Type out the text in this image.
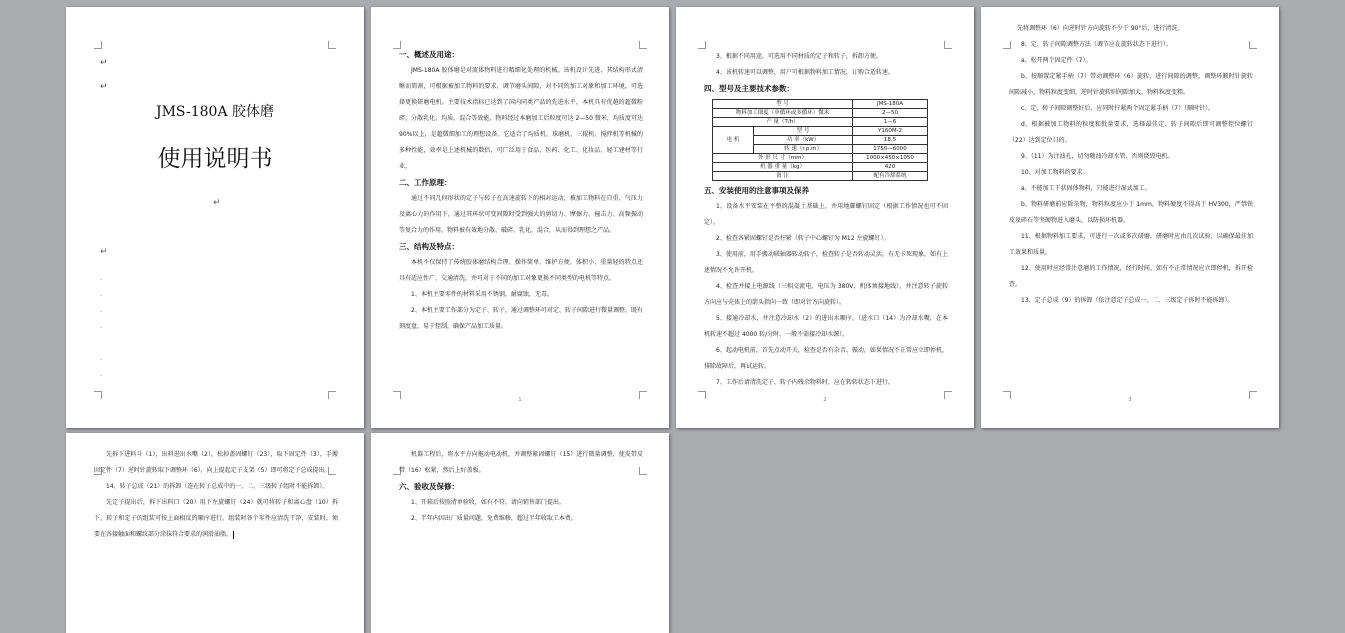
↵
↵
JMS-180A 胶体磨
使用说明书
↵
↵
.
.
.
.
.
.
一、概述及用途：
JMS-180A 胶体磨是对流体物料进行精细化处理的机械。该机设计先进，其结构形式清晰而简割，可根据被加工物料的要求，调节磨头间隙，对不同的加工对象和加工环境，可选择更换研磨电机。主要技术指标已达到了国内同类产品的先进水平，本机具有优越的超微粉碎、分散乳化、均质、混合等效能，物料经过本磨加工后粒度可达 2—50 微米，均质度可达 90%以上，是超微细加工的理想设备。它适合了均质机、球磨机、三辊机、搅拌机等机械的多种性能，效率是上述机械的数倍，可广泛用于食品、医药、化工、化妆品、轻工建材等行业。
二、工作原理：
通过不同几何形状的定子与转子在高速旋转下的相对运动，被加工物料在自重、气压力及离心力的作用下，通过其环状可变间隙时受到强大的剪切力、摩擦力、撞击力、高频振动等复合力的作用，物料被有效地分散、破碎、乳化、混合，从而得到理想之产品。
三、结构及特点：
本机不仅保持了传统胶体磨结构合理、操作简单、维护方便、体积小、重量轻的特点还具有适应性广、交通清洗，并可对于不同的加工对象更换不同类型的电机等特点。
1、本机主要零件的材料采用不锈钢，耐腐蚀，无毒。
2、本机主要工作部分为定子、转子，通过调整环可对定、转子间隙进行微量调整，既有刻度盘，易于控制，确保产品加工质量。
1
3、根据不同用途，可选用不同材质的定子和转子，拆卸方便。
4、该机转速可以调整，用户可根据物料加工情况，订购合适转速。
四、型号及主要技术参数：
型 号		JMS-180A
物料加工细度（单循环或多循环）微米		2—50
产 量（T/h）		1—6
电 机	型 号	Y160M-2
	功 率（kW）	18.5
	转 速（r.p.m）	1750—6000
外 形 尺 寸（mm）		1000×450×1050
机 器 重 量（kg）		420
备 注		配有冷却系统
五、安装使用的注意事项及保养
1、设备水平安装在平整的混凝土基础上，并用地脚螺钉固定（根据工作情况也可不固定）。
2、检查各紧固螺钉是否拧紧（转子中心螺钉为 M12 左旋螺钉）。
3、使用前，用手搬动联轴器转动转子，检查转子是否转动灵活，有无卡死现象，如有上述情况不允许开机。
4、检查并接上电源线（三相交流电、电压为 380V，机体须接地线），并注意转子旋转方向应与壳体上的箭头指向一致（即对针方向旋转）。
5、接通冷却水，并注意冷却水（2）的进出水顺序。（进水口（14）为冷却水嘴，在本机转速不超过 4000 转/分时，一般不需接冷却水源）。
6、起动电机前，首先点动开关，检查是否有杂音、振动，如果情况不正常应立即停机，排除故障后，再试运转。
7、工作后请清洗定子、转子内残余物料时，应在转转状态下进行。
2
先将调整环（6）向逆时针方向旋转不少于 90°后，进行清洗。
8、定、转子间隙调整方法（调节应在旋转状态下进行）。
a、松开两个固定件（7）。
b、按顺置定紧手柄（7）带动调整环（6）旋转，进行间隙的调整，调整环顺时针旋转间隙减小，物料粒度变细，逆时针旋转则间隙加大，物料粒度变粗。
c、定、转子间隙调整好后，应同时拧紧两个固定紧手柄（7）（顺时针）。
d、根据被加工物料的粒度和批量要求，选择最佳定、转子间隙后即可调整控位螺钉（22）达到定位目的。
9、（11）为注油孔，切勿随油冷却水管，否则烧毁电机。
10、对加工物料的要求。
a、不能加工干状固体物料，只能进行湿式加工。
b、物料研磨前应除杂物，物料粒度应小于 1mm，物料硬度不得高于 HV300，严禁铁皮及碎石等坚硬物进入磨头，以防损坏机器。
11、根据物料加工要求，可进行一次或多次研磨，研磨时应由几次试验，以确保最佳加工效果和质量。
12、使用时应经常注意磨的工作情况，经行时间，如有不正常情况应立即停机，拆开检查。
13、定子总成（9）的拆卸（依注意定子总成一、二、三级定子拆时不能拆卸）。
3
先拆下进料斗（1），出料进出水嘴（2），松掉盖固螺钉（23），取下固定件（3），手搬固定件（7）逆时针旋转取下调整环（6），向上提起定子支架（5）即可将定子总成提出。
14、转子总成（21）的拆卸（连在转子总成中的一、二、三级转子组时不能拆卸）。
先定子提出后，拆下出料口（20）用下左旋螺钉（24）就可将转子和离心盘（10）拆下，转子和定子的组装可按上面相反的顺序进行。组装时各个零件应清洗干净，安装时，须要在各接触面和螺纹部分涂抹符合要求的润滑油脂。
机器工程后，将水平方向拖动电动机，并调整紧固螺钉（15）进行微量调整，使皮带皮带（16）松紧，然后上好盖板。
六、验收及保修：
1、开箱后按照清单验收，如有不符，请向销售部门提出。
2、半年内因出厂质量问题，免费维修，超过半年收取工本费。
